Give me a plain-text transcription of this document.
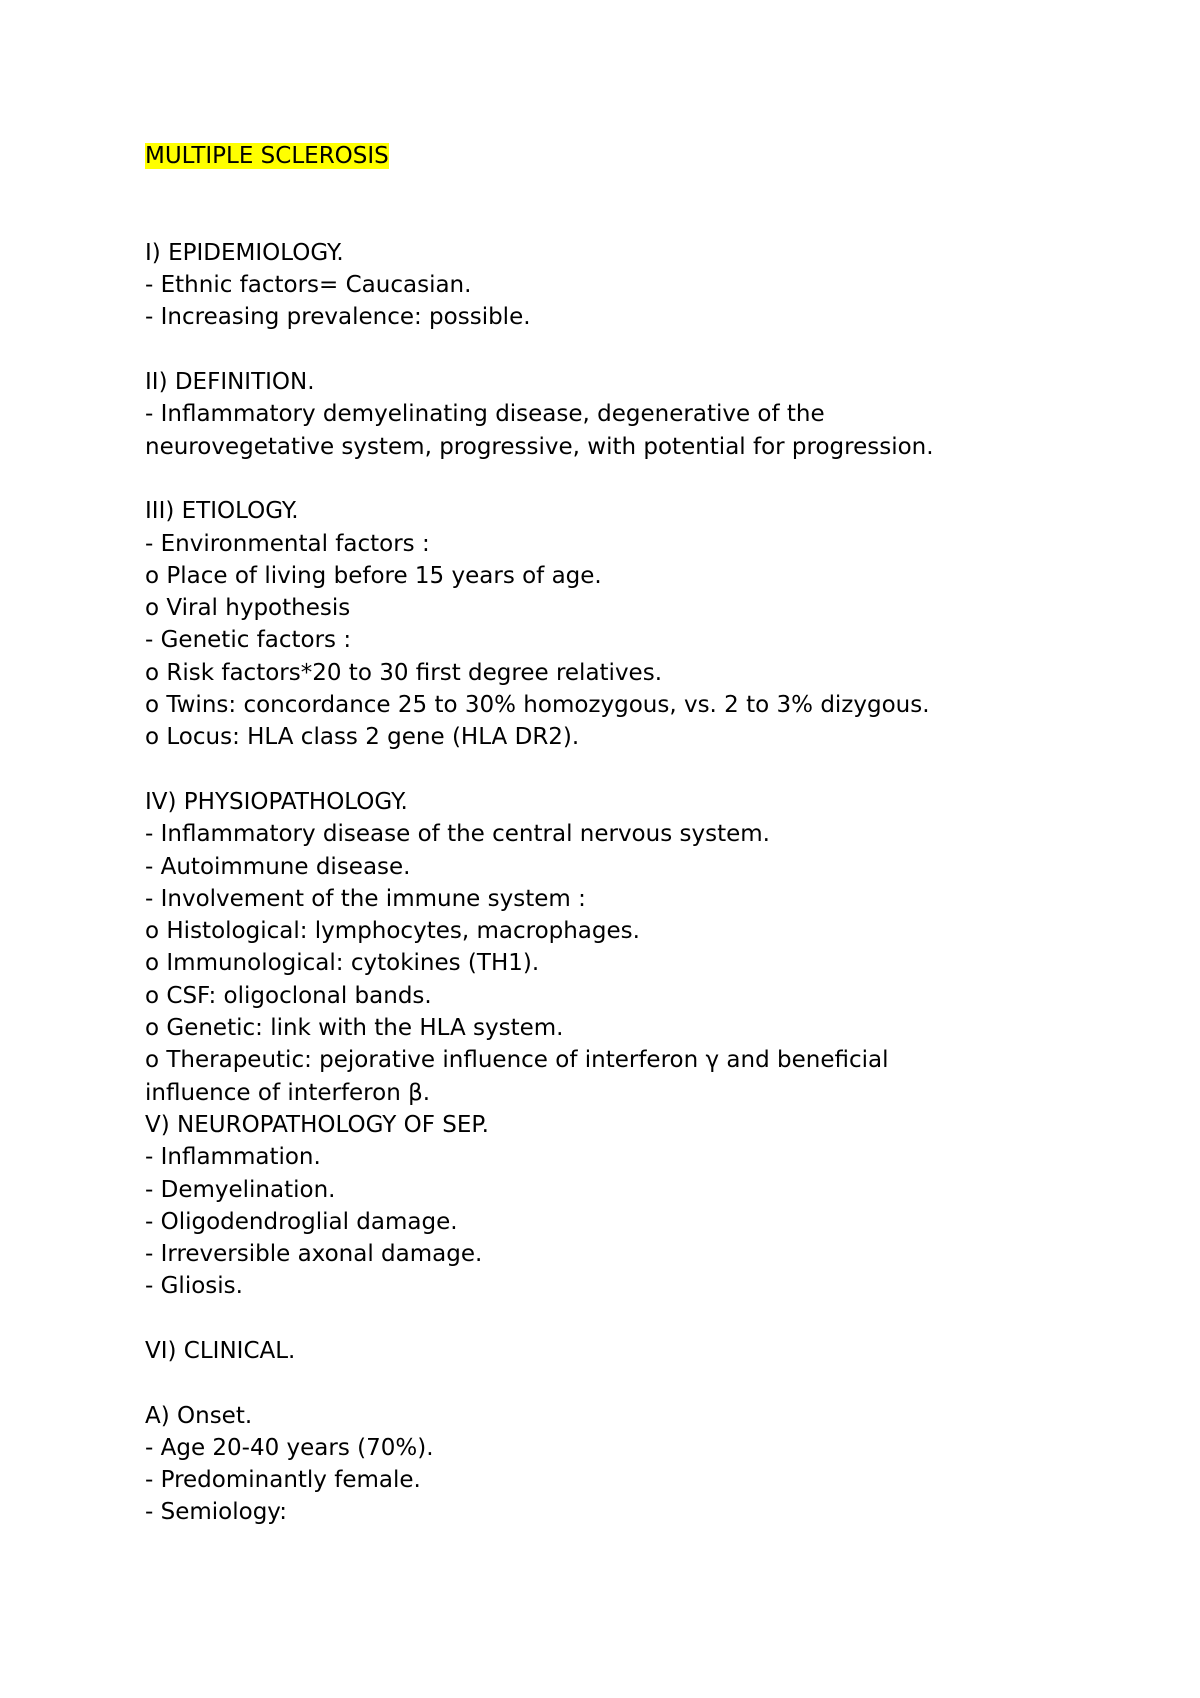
MULTIPLE SCLEROSIS
I) EPIDEMIOLOGY.
- Ethnic factors= Caucasian.
- Increasing prevalence: possible.
II) DEFINITION.
- Inflammatory demyelinating disease, degenerative of the
neurovegetative system, progressive, with potential for progression.
III) ETIOLOGY.
- Environmental factors :
o Place of living before 15 years of age.
o Viral hypothesis
- Genetic factors :
o Risk factors*20 to 30 first degree relatives.
o Twins: concordance 25 to 30% homozygous, vs. 2 to 3% dizygous.
o Locus: HLA class 2 gene (HLA DR2).
IV) PHYSIOPATHOLOGY.
- Inflammatory disease of the central nervous system.
- Autoimmune disease.
- Involvement of the immune system :
o Histological: lymphocytes, macrophages.
o Immunological: cytokines (TH1).
o CSF: oligoclonal bands.
o Genetic: link with the HLA system.
o Therapeutic: pejorative influence of interferon γ and beneficial
influence of interferon β.
V) NEUROPATHOLOGY OF SEP.
- Inflammation.
- Demyelination.
- Oligodendroglial damage.
- Irreversible axonal damage.
- Gliosis.
VI) CLINICAL.
A) Onset.
- Age 20-40 years (70%).
- Predominantly female.
- Semiology:
